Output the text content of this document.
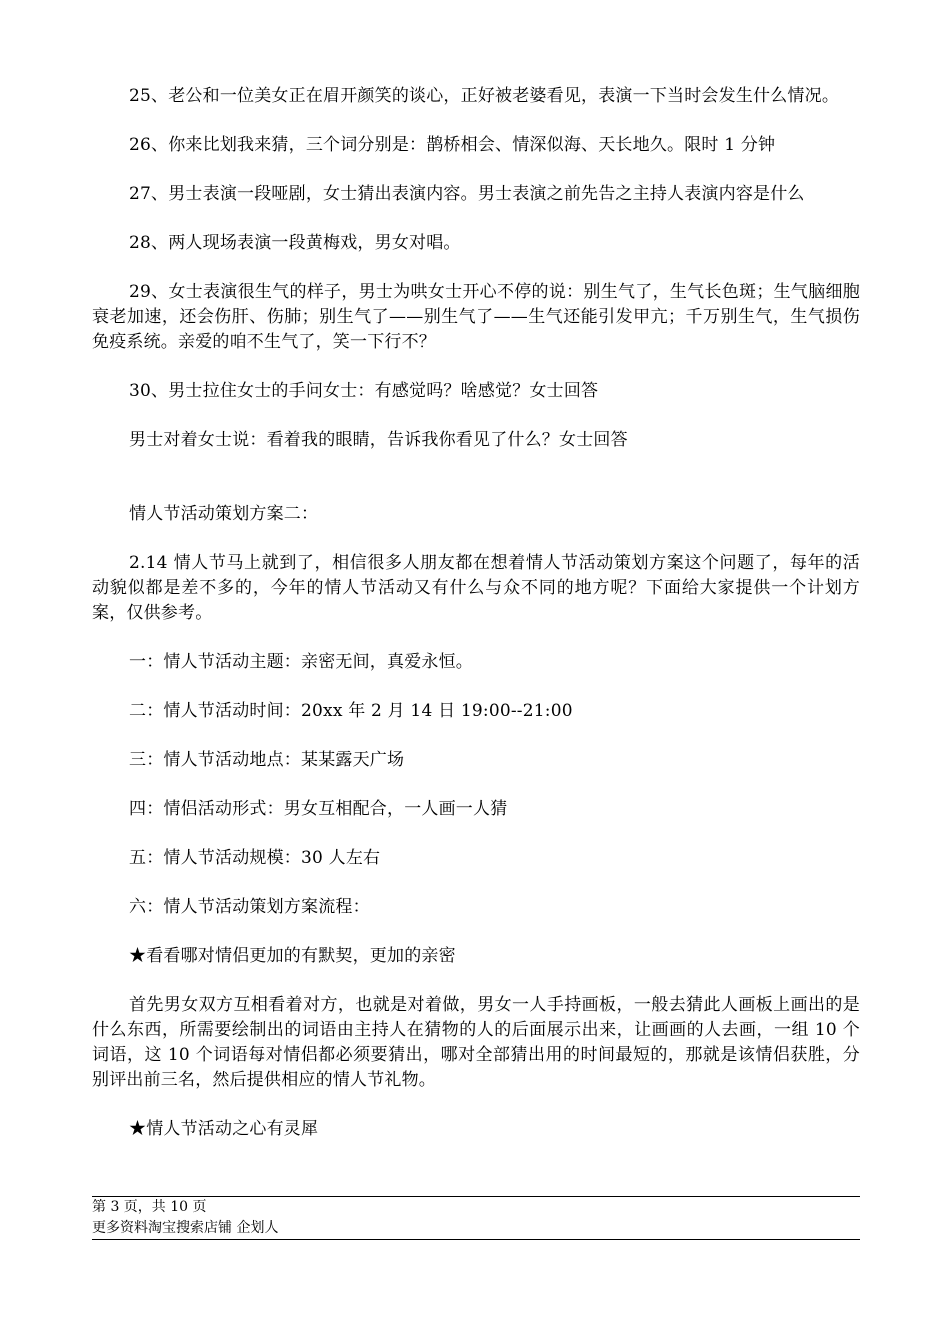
25、老公和一位美女正在眉开颜笑的谈心，正好被老婆看见，表演一下当时会发生什么情况。

26、你来比划我来猜，三个词分别是：鹊桥相会、情深似海、天长地久。限时 1 分钟

27、男士表演一段哑剧，女士猜出表演内容。男士表演之前先告之主持人表演内容是什么

28、两人现场表演一段黄梅戏，男女对唱。

29、女士表演很生气的样子，男士为哄女士开心不停的说：别生气了，生气长色斑；生气脑细胞衰老加速，还会伤肝、伤肺；别生气了——别生气了——生气还能引发甲亢；千万别生气，生气损伤免疫系统。亲爱的咱不生气了，笑一下行不？

30、男士拉住女士的手问女士：有感觉吗？啥感觉？女士回答

男士对着女士说：看着我的眼睛，告诉我你看见了什么？女士回答

情人节活动策划方案二：

2.14 情人节马上就到了，相信很多人朋友都在想着情人节活动策划方案这个问题了，每年的活动貌似都是差不多的，今年的情人节活动又有什么与众不同的地方呢？下面给大家提供一个计划方案，仅供参考。

一：情人节活动主题：亲密无间，真爱永恒。

二：情人节活动时间：20xx 年 2 月 14 日 19:00--21:00

三：情人节活动地点：某某露天广场

四：情侣活动形式：男女互相配合，一人画一人猜

五：情人节活动规模：30 人左右

六：情人节活动策划方案流程：

★看看哪对情侣更加的有默契，更加的亲密

首先男女双方互相看着对方，也就是对着做，男女一人手持画板，一般去猜此人画板上画出的是什么东西，所需要绘制出的词语由主持人在猜物的人的后面展示出来，让画画的人去画，一组 10 个词语，这 10 个词语每对情侣都必须要猜出，哪对全部猜出用的时间最短的，那就是该情侣获胜，分别评出前三名，然后提供相应的情人节礼物。

★情人节活动之心有灵犀

第 3 页，共 10 页

更多资料淘宝搜索店铺 企划人
